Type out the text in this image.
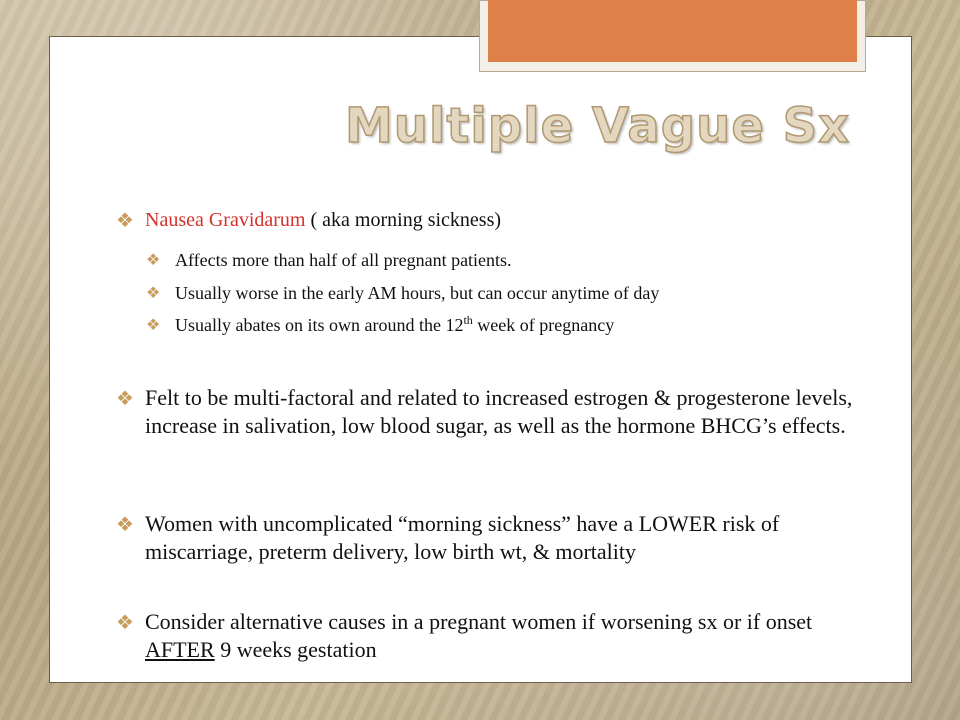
Multiple Vague Sx
❖ Nausea Gravidarum ( aka morning sickness)
❖ Affects more than half of all pregnant patients.
❖ Usually worse in the early AM hours, but can occur anytime of day
❖ Usually abates on its own around the 12th week of pregnancy
❖ Felt to be multi-factoral and related to increased estrogen & progesterone levels, increase in salivation, low blood sugar, as well as the hormone BHCG’s effects.
❖ Women with uncomplicated “morning sickness” have a LOWER risk of miscarriage, preterm delivery, low birth wt, & mortality
❖ Consider alternative causes in a pregnant women if worsening sx or if onset AFTER 9 weeks gestation
